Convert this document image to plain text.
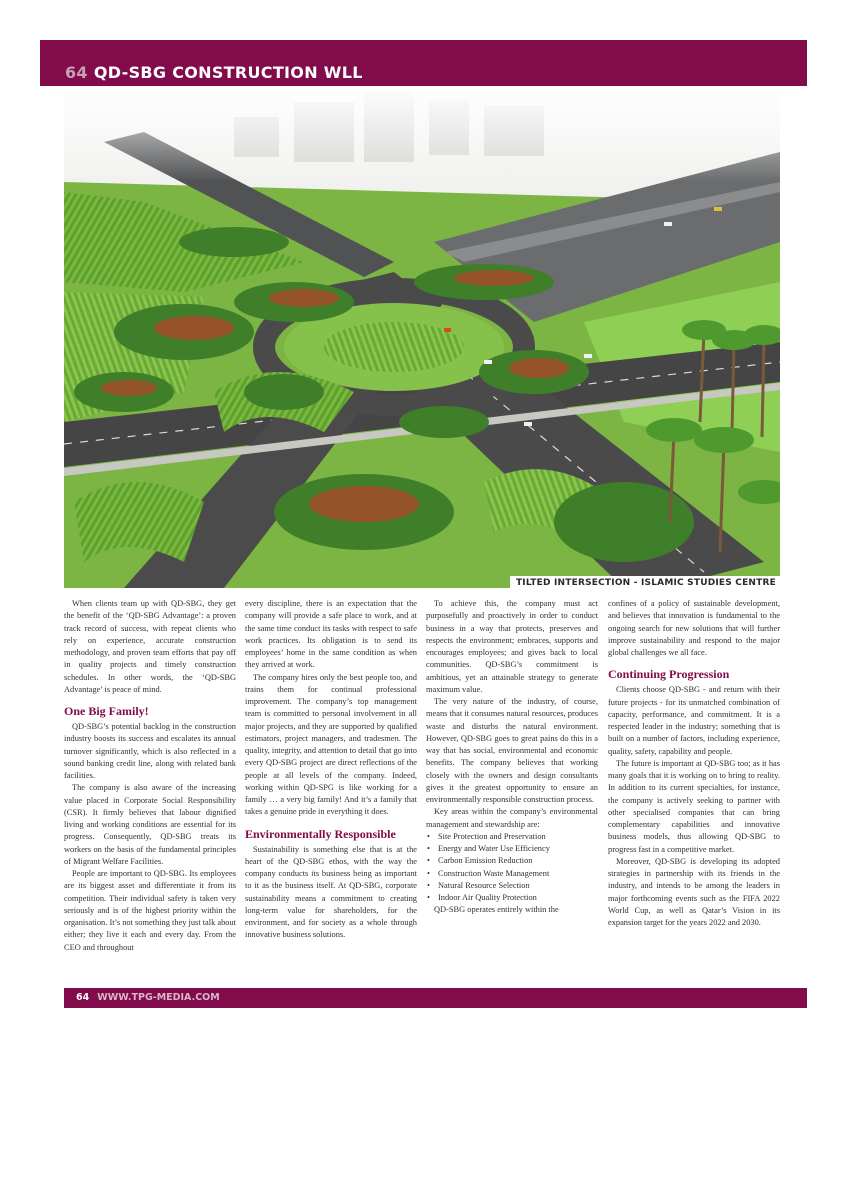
64 QD-SBG CONSTRUCTION WLL
TILTED INTERSECTION - ISLAMIC STUDIES CENTRE

When clients team up with QD-SBG, they get the benefit of the ‘QD-SBG Advantage’: a proven track record of success, with repeat clients who rely on experience, accurate construction methodology, and proven team efforts that pay off in quality projects and timely construction schedules. In other words, the ‘QD-SBG Advantage’ is peace of mind.

One Big Family!

QD-SBG’s potential backlog in the construction industry boosts its success and escalates its annual turnover significantly, which is also reflected in a sound banking credit line, along with related bank facilities.

The company is also aware of the increasing value placed in Corporate Social Responsibility (CSR). It firmly believes that labour dignified living and working conditions are essential for its progress. Consequently, QD-SBG treats its workers on the basis of the fundamental principles of Migrant Welfare Facilities.

People are important to QD-SBG. Its employees are its biggest asset and differentiate it from its competition. Their individual safety is taken very seriously and is of the highest priority within the organisation. It’s not something they just talk about either; they live it each and every day. From the CEO and throughout

every discipline, there is an expectation that the company will provide a safe place to work, and at the same time conduct its tasks with respect to safe work practices. Its obligation is to send its employees’ home in the same condition as when they arrived at work.

The company hires only the best people too, and trains them for continual professional improvement. The company’s top management team is committed to personal involvement in all major projects, and they are supported by qualified estimators, project managers, and tradesmen. The quality, integrity, and attention to detail that go into every QD-SBG project are direct reflections of the people at all levels of the company. Indeed, working within QD-SPG is like working for a family … a very big family! And it’s a family that takes a genuine pride in everything it does.

Environmentally Responsible

Sustainability is something else that is at the heart of the QD-SBG ethos, with the way the company conducts its business being as important to it as the business itself. At QD-SBG, corporate sustainability means a commitment to creating long-term value for shareholders, for the environment, and for society as a whole through innovative business solutions.

To achieve this, the company must act purposefully and proactively in order to conduct business in a way that protects, preserves and respects the environment; embraces, supports and encourages employees; and gives back to local communities. QD-SBG’s commitment is ambitious, yet an attainable strategy to generate maximum value.

The very nature of the industry, of course, means that it consumes natural resources, produces waste and disturbs the natural environment. However, QD-SBG goes to great pains do this in a way that has social, environmental and economic benefits. The company believes that working closely with the owners and design consultants gives it the greatest opportunity to ensure an environmentally responsible construction process.

Key areas within the company’s environmental management and stewardship are:

• Site Protection and Preservation
• Energy and Water Use Efficiency
• Carbon Emission Reduction
• Construction Waste Management
• Natural Resource Selection
• Indoor Air Quality Protection

QD-SBG operates entirely within the

confines of a policy of sustainable development, and believes that innovation is fundamental to the ongoing search for new solutions that will further improve sustainability and respond to the major global challenges we all face.

Continuing Progression

Clients choose QD-SBG - and return with their future projects - for its unmatched combination of capacity, performance, and commitment. It is a respected leader in the industry; something that is built on a number of factors, including experience, quality, safety, capability and people.

The future is important at QD-SBG too; as it has many goals that it is working on to bring to reality. In addition to its current specialties, for instance, the company is actively seeking to partner with other specialised companies that can bring complementary capabilities and innovative business models, thus allowing QD-SBG to progress fast in a competitive market.

Moreover, QD-SBG is developing its adopted strategies in partnership with its friends in the industry, and intends to be among the leaders in major forthcoming events such as the FIFA 2022 World Cup, as well as Qatar’s Vision in its expansion target for the years 2022 and 2030.

64 WWW.TPG-MEDIA.COM
